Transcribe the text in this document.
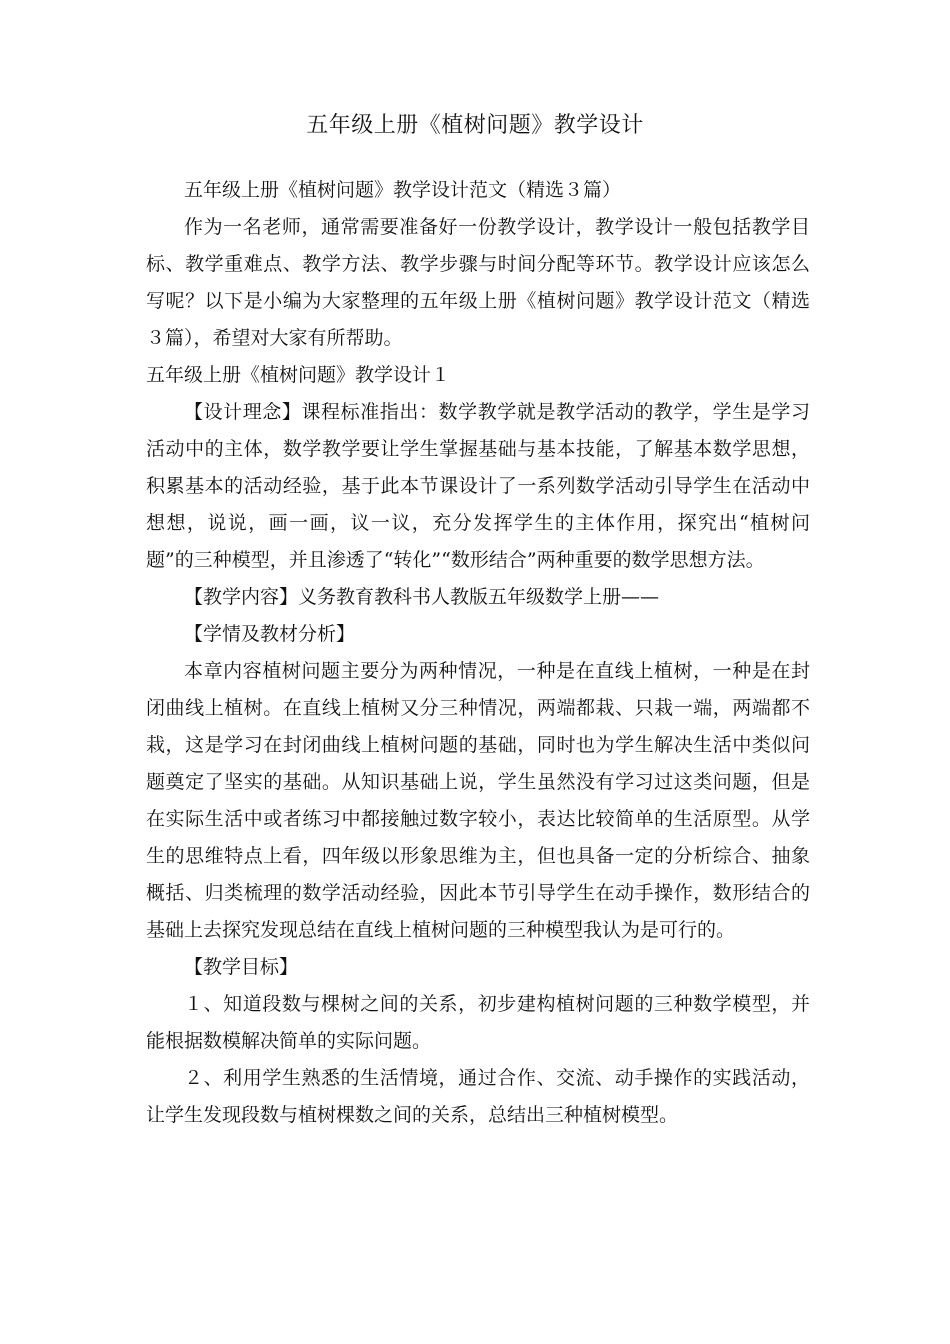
五年级上册《植树问题》教学设计

五年级上册《植树问题》教学设计范文（精选３篇）

作为一名老师，通常需要准备好一份教学设计，教学设计一般包括教学目标、教学重难点、教学方法、教学步骤与时间分配等环节。教学设计应该怎么写呢？以下是小编为大家整理的五年级上册《植树问题》教学设计范文（精选３篇），希望对大家有所帮助。

五年级上册《植树问题》教学设计１

【设计理念】课程标准指出：数学教学就是教学活动的教学，学生是学习活动中的主体，数学教学要让学生掌握基础与基本技能，了解基本数学思想，积累基本的活动经验，基于此本节课设计了一系列数学活动引导学生在活动中想想，说说，画一画，议一议，充分发挥学生的主体作用，探究出“植树问题”的三种模型，并且渗透了“转化”“数形结合”两种重要的数学思想方法。

【教学内容】义务教育教科书人教版五年级数学上册——

【学情及教材分析】

本章内容植树问题主要分为两种情况，一种是在直线上植树，一种是在封闭曲线上植树。在直线上植树又分三种情况，两端都栽、只栽一端，两端都不栽，这是学习在封闭曲线上植树问题的基础，同时也为学生解决生活中类似问题奠定了坚实的基础。从知识基础上说，学生虽然没有学习过这类问题，但是在实际生活中或者练习中都接触过数字较小，表达比较简单的生活原型。从学生的思维特点上看，四年级以形象思维为主，但也具备一定的分析综合、抽象概括、归类梳理的数学活动经验，因此本节引导学生在动手操作，数形结合的基础上去探究发现总结在直线上植树问题的三种模型我认为是可行的。

【教学目标】

１、知道段数与棵树之间的关系，初步建构植树问题的三种数学模型，并能根据数模解决简单的实际问题。

２、利用学生熟悉的生活情境，通过合作、交流、动手操作的实践活动，让学生发现段数与植树棵数之间的关系，总结出三种植树模型。
